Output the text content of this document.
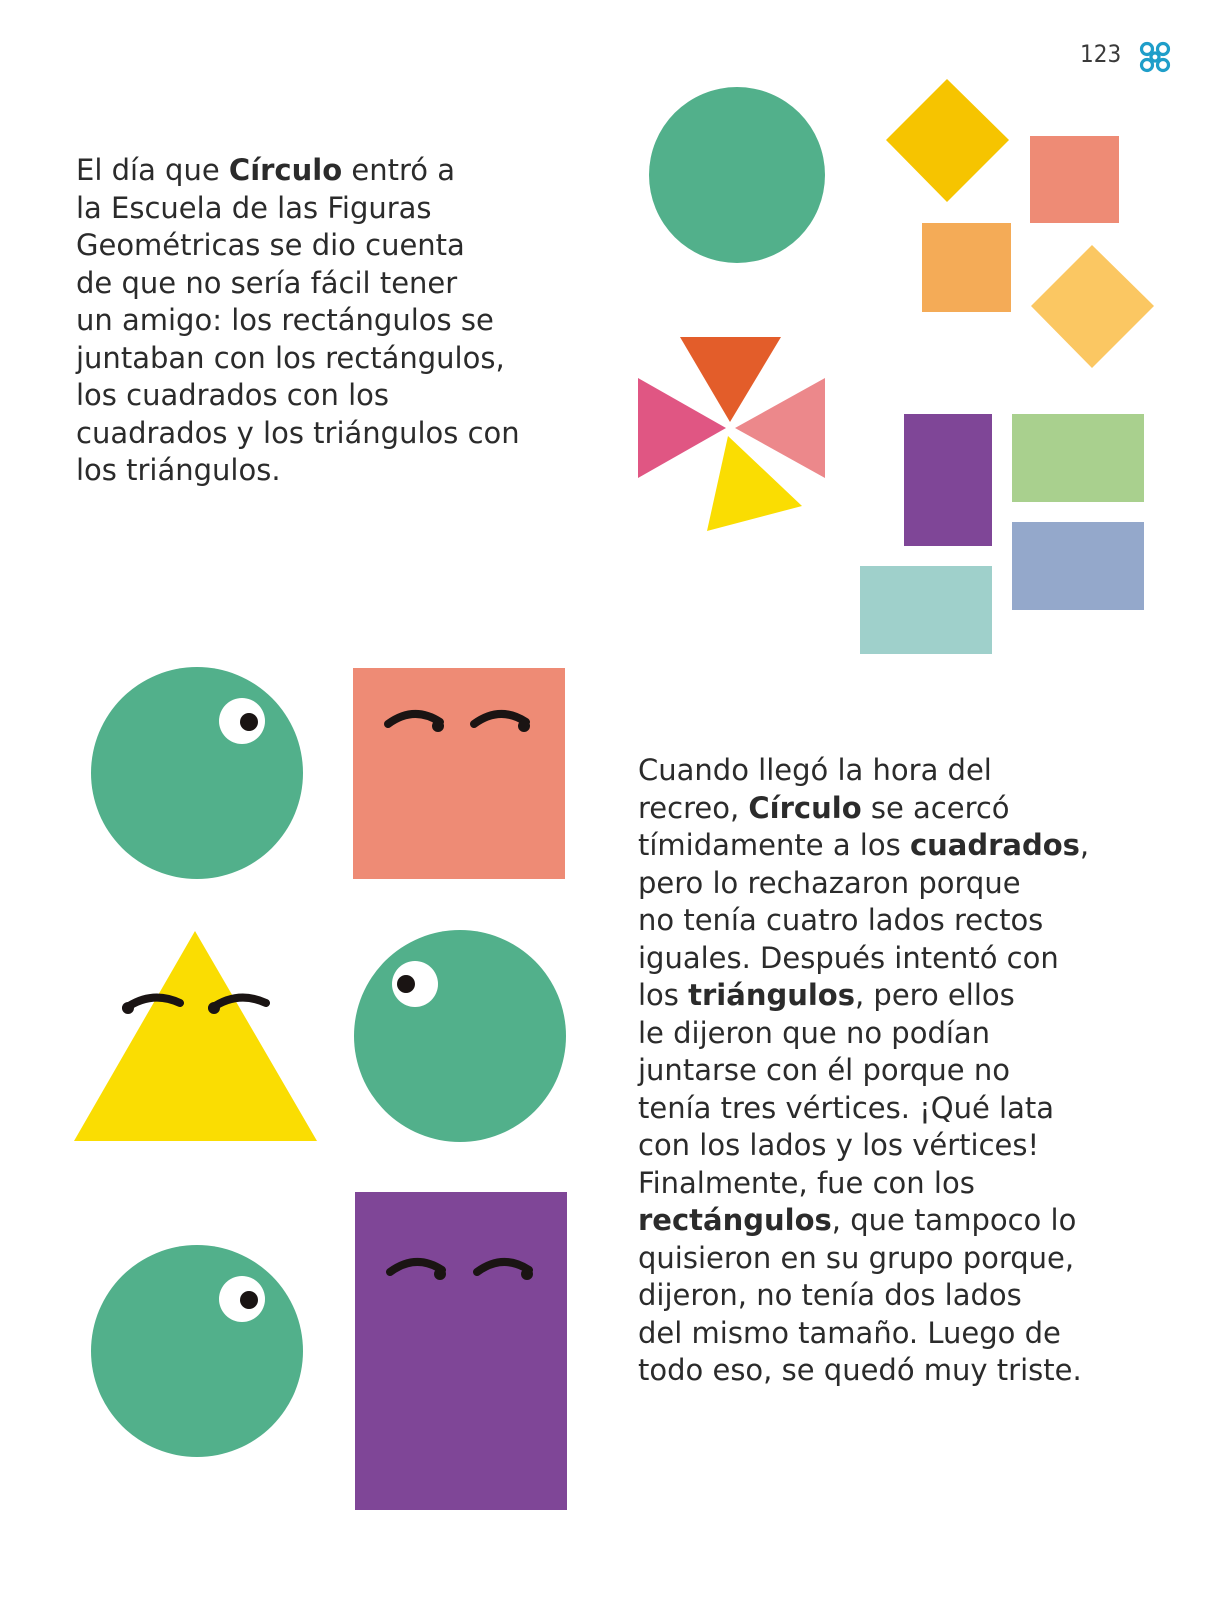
123

El día que Círculo entró a
la Escuela de las Figuras
Geométricas se dio cuenta
de que no sería fácil tener
un amigo: los rectángulos se
juntaban con los rectángulos,
los cuadrados con los
cuadrados y los triángulos con
los triángulos.

Cuando llegó la hora del
recreo, Círculo se acercó
tímidamente a los cuadrados,
pero lo rechazaron porque
no tenía cuatro lados rectos
iguales. Después intentó con
los triángulos, pero ellos
le dijeron que no podían
juntarse con él porque no
tenía tres vértices. ¡Qué lata
con los lados y los vértices!
Finalmente, fue con los
rectángulos, que tampoco lo
quisieron en su grupo porque,
dijeron, no tenía dos lados
del mismo tamaño. Luego de
todo eso, se quedó muy triste.
